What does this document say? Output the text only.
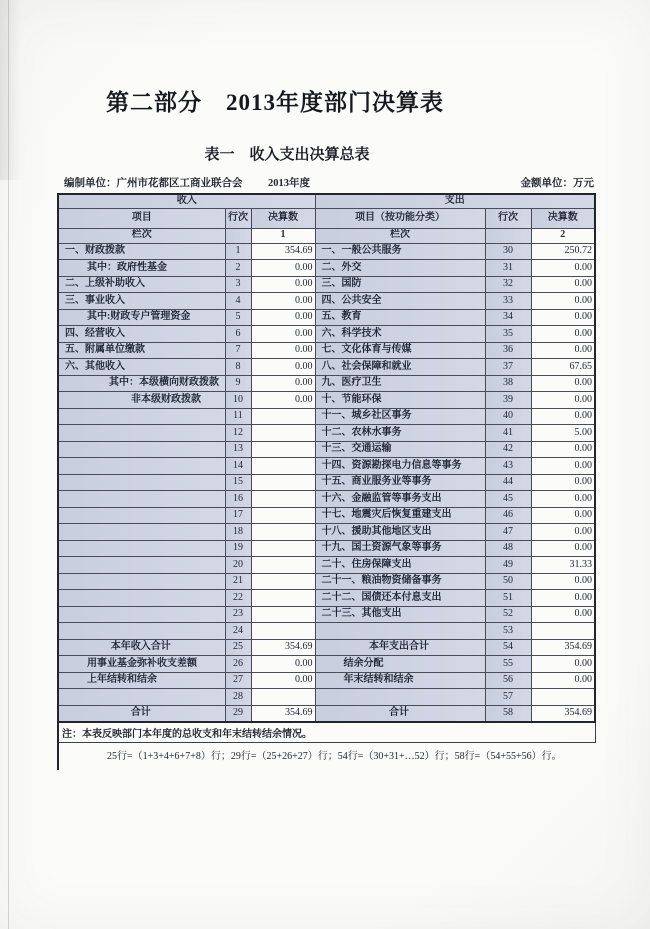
第二部分　2013年度部门决算表
表一　收入支出决算总表
编制单位：广州市花都区工商业联合会 2013年度	金额单位：万元
收入			支出		
项目	行次	决算数	项目（按功能分类）	行次	决算数
栏次		1	栏次		2
一、财政拨款	1	354.69	一、一般公共服务	30	250.72
其中：政府性基金	2	0.00	二、外交	31	0.00
二、上级补助收入	3	0.00	三、国防	32	0.00
三、事业收入	4	0.00	四、公共安全	33	0.00
其中:财政专户管理资金	5	0.00	五、教育	34	0.00
四、经营收入	6	0.00	六、科学技术	35	0.00
五、附属单位缴款	7	0.00	七、文化体育与传媒	36	0.00
六、其他收入	8	0.00	八、社会保障和就业	37	67.65
其中：本级横向财政拨款	9	0.00	九、医疗卫生	38	0.00
非本级财政拨款	10	0.00	十、节能环保	39	0.00
	11		十一、城乡社区事务	40	0.00
	12		十二、农林水事务	41	5.00
	13		十三、交通运输	42	0.00
	14		十四、资源勘探电力信息等事务	43	0.00
	15		十五、商业服务业等事务	44	0.00
	16		十六、金融监管等事务支出	45	0.00
	17		十七、地震灾后恢复重建支出	46	0.00
	18		十八、援助其他地区支出	47	0.00
	19		十九、国土资源气象等事务	48	0.00
	20		二十、住房保障支出	49	31.33
	21		二十一、粮油物资储备事务	50	0.00
	22		二十二、国债还本付息支出	51	0.00
	23		二十三、其他支出	52	0.00
	24			53	
本年收入合计	25	354.69	本年支出合计	54	354.69
用事业基金弥补收支差额	26	0.00	结余分配	55	0.00
上年结转和结余	27	0.00	年末结转和结余	56	0.00
	28			57	
合计	29	354.69	合计	58	354.69
注：本表反映部门本年度的总收支和年末结转结余情况。
25行=（1+3+4+6+7+8）行；29行=（25+26+27）行；54行=（30+31+…52）行；58行=（54+55+56）行。
